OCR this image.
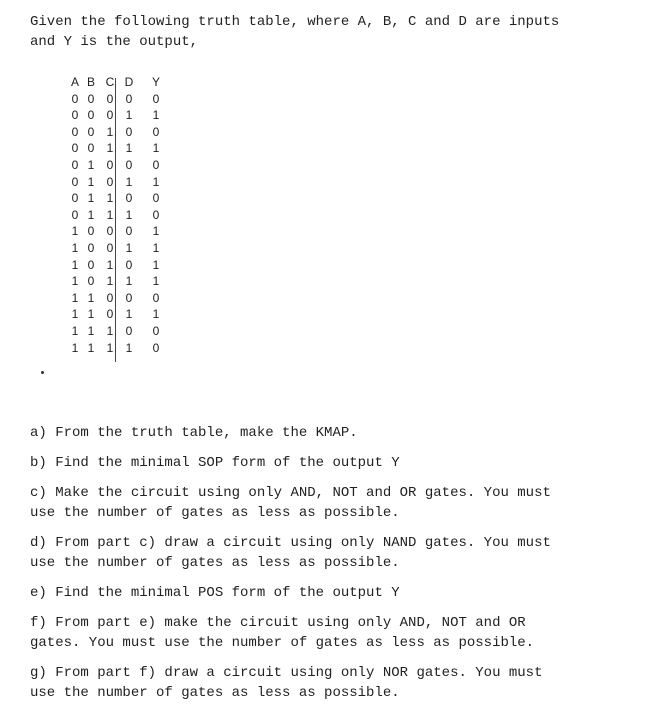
Given the following truth table, where A, B, C and D are inputs
and Y is the output,
A B C D Y
0 0 0 0 0
0 0 0 1 1
0 0 1 0 0
0 0 1 1 1
0 1 0 0 0
0 1 0 1 1
0 1 1 0 0
0 1 1 1 0
1 0 0 0 1
1 0 0 1 1
1 0 1 0 1
1 0 1 1 1
1 1 0 0 0
1 1 0 1 1
1 1 1 0 0
1 1 1 1 0
a) From the truth table, make the KMAP.
b) Find the minimal SOP form of the output Y
c) Make the circuit using only AND, NOT and OR gates. You must
use the number of gates as less as possible.
d) From part c) draw a circuit using only NAND gates. You must
use the number of gates as less as possible.
e) Find the minimal POS form of the output Y
f) From part e) make the circuit using only AND, NOT and OR
gates. You must use the number of gates as less as possible.
g) From part f) draw a circuit using only NOR gates. You must
use the number of gates as less as possible.
